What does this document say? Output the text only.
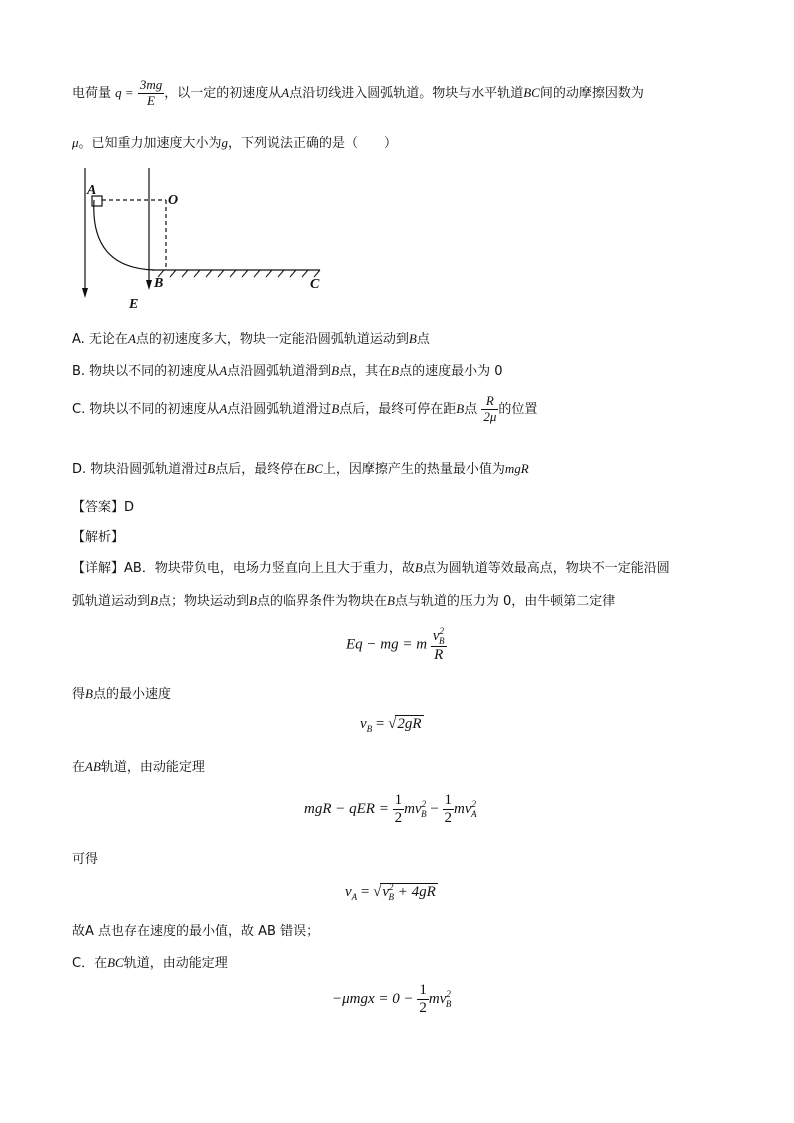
电荷量 $q = \frac{3mg}{E}$ ，以一定的初速度从A点沿切线进入圆弧轨道。物块与水平轨道BC间的动摩擦因数为
μ。已知重力加速度大小为g，下列说法正确的是（　　）
A
O
B	C
E
A. 无论在A点的初速度多大，物块一定能沿圆弧轨道运动到B点
B. 物块以不同的初速度从A点沿圆弧轨道滑到B点，其在B点的速度最小为 0
C. 物块以不同的初速度从A点沿圆弧轨道滑过B点后，最终可停在距B点 $\frac{R}{2\mu}$ 的位置
D. 物块沿圆弧轨道滑过B点后，最终停在BC上，因摩擦产生的热量最小值为mgR
【答案】D
【解析】
【详解】AB．物块带负电，电场力竖直向上且大于重力，故B点为圆轨道等效最高点，物块不一定能沿圆
弧轨道运动到B点；物块运动到B点的临界条件为物块在B点与轨道的压力为 0，由牛顿第二定律
Eq − mg = m $\frac{v^2_B}{R}$
得B点的最小速度
$v_B = √2gR$
在AB轨道，由动能定理
mgR − qER = $\frac{1}{2} mv^2_B - \frac{1}{2} mv^2_A$
可得
$v_A = √v^2_B + 4gR$
故A 点也存在速度的最小值，故 AB 错误；
C．在BC轨道，由动能定理
$-\mu mgx = 0 - \frac{1}{2} mv^2_B$
